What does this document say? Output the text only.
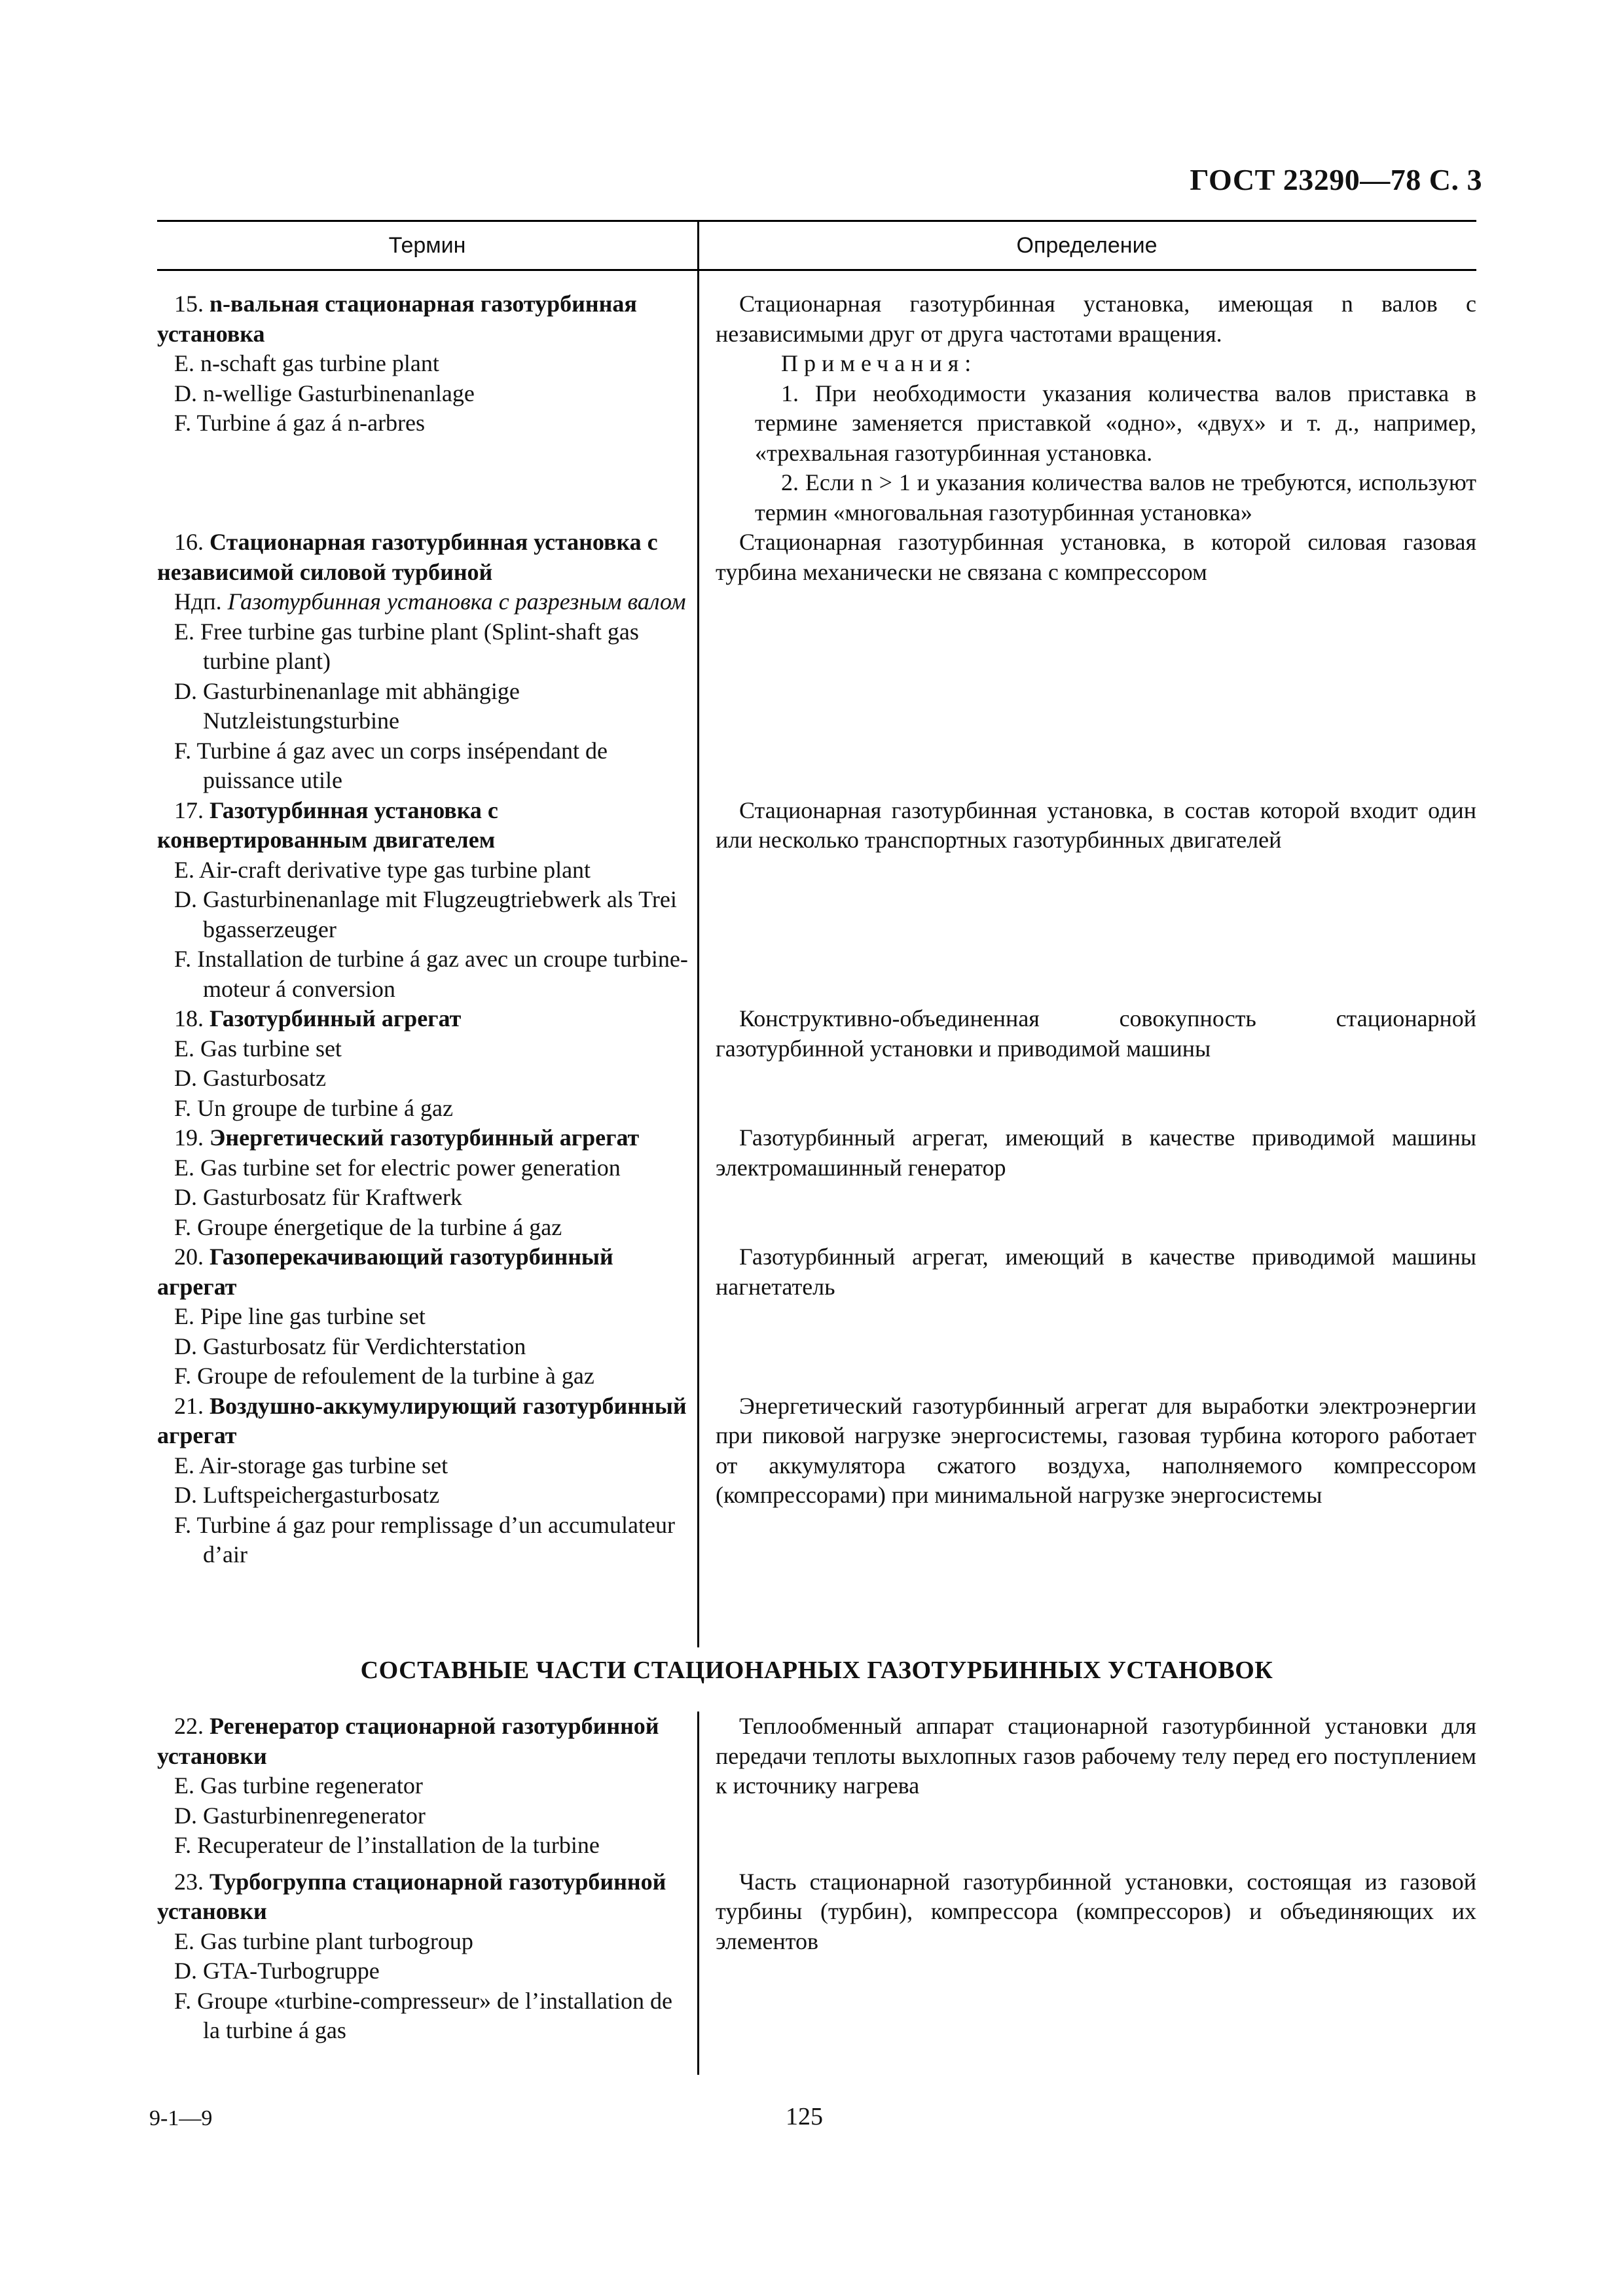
ГОСТ 23290—78 С. 3
Термин	Определение
15. n-вальная стационарная газотурбинная установка
E. n-schaft gas turbine plant
D. n-wellige Gasturbinenanlage
F. Turbine á gaz á n-arbres
Стационарная газотурбинная установка, имеющая n валов с независимыми друг от друга частотами вращения.
Примечания:
1. При необходимости указания количества валов приставка в термине заменяется приставкой «одно», «двух» и т. д., например, «трехвальная газотурбинная установка.
2. Если n > 1 и указания количества валов не требуются, используют термин «многовальная газотурбинная установка»
16. Стационарная газотурбинная установка с независимой силовой турбиной
Ндп. Газотурбинная установка с разрезным валом
E. Free turbine gas turbine plant (Splint-shaft gas turbine plant)
D. Gasturbinenanlage mit abhängige Nutzleistungsturbine
F. Turbine á gaz avec un corps insépendant de puissance utile
Стационарная газотурбинная установка, в которой силовая газовая турбина механически не связана с компрессором
17. Газотурбинная установка с конвертированным двигателем
E. Air-craft derivative type gas turbine plant
D. Gasturbinenanlage mit Flugzeugtriebwerk als Trei bgasserzeuger
F. Installation de turbine á gaz avec un croupe turbine-moteur á conversion
Стационарная газотурбинная установка, в состав которой входит один или несколько транспортных газотурбинных двигателей
18. Газотурбинный агрегат
E. Gas turbine set
D. Gasturbosatz
F. Un groupe de turbine á gaz
Конструктивно-объединенная совокупность стационарной газотурбинной установки и приводимой машины
19. Энергетический газотурбинный агрегат
E. Gas turbine set for electric power generation
D. Gasturbosatz für Kraftwerk
F. Groupe énergetique de la turbine á gaz
Газотурбинный агрегат, имеющий в качестве приводимой машины электромашинный генератор
20. Газоперекачивающий газотурбинный агрегат
E. Pipe line gas turbine set
D. Gasturbosatz für Verdichterstation
F. Groupe de refoulement de la turbine à gaz
Газотурбинный агрегат, имеющий в качестве приводимой машины нагнетатель
21. Воздушно-аккумулирующий газотурбинный агрегат
E. Air-storage gas turbine set
D. Luftspeichergasturbosatz
F. Turbine á gaz pour remplissage d’un accumulateur d’air
Энергетический газотурбинный агрегат для выработки электроэнергии при пиковой нагрузке энергосистемы, газовая турбина которого работает от аккумулятора сжатого воздуха, наполняемого компрессором (компрессорами) при минимальной нагрузке энергосистемы
СОСТАВНЫЕ ЧАСТИ СТАЦИОНАРНЫХ ГАЗОТУРБИННЫХ УСТАНОВОК
22. Регенератор стационарной газотурбинной установки
E. Gas turbine regenerator
D. Gasturbinenregenerator
F. Recuperateur de l’installation de la turbine
Теплообменный аппарат стационарной газотурбинной установки для передачи теплоты выхлопных газов рабочему телу перед его поступлением к источнику нагрева
23. Турбогруппа стационарной газотурбинной установки
E. Gas turbine plant turbogroup
D. GTA-Turbogruppe
F. Groupe «turbine-compresseur» de l’installation de la turbine á gas
Часть стационарной газотурбинной установки, состоящая из газовой турбины (турбин), компрессора (компрессоров) и объединяющих их элементов
9-1—9	125
